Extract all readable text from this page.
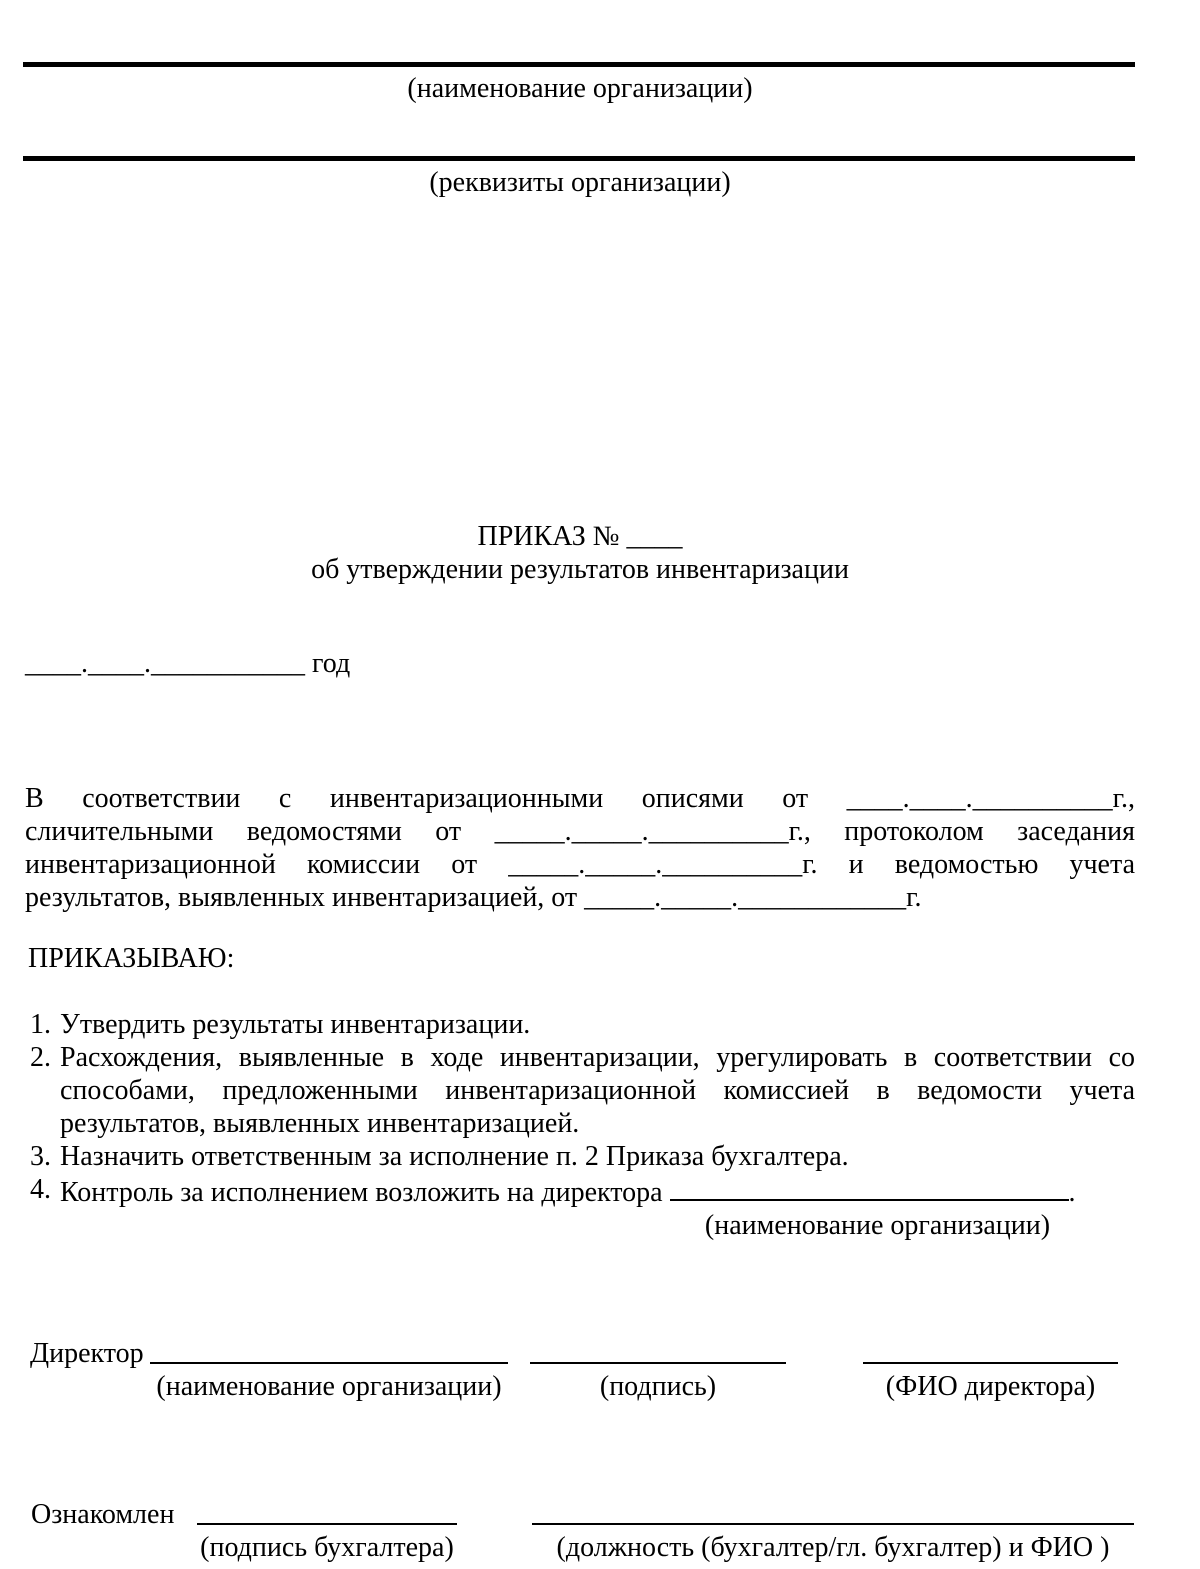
(наименование организации)
(реквизиты организации)
ПРИКАЗ № ____
об утверждении результатов инвентаризации
____.____.___________ год
В соответствии с инвентаризационными описями от ____.____.__________г.,
сличительными ведомостями от _____._____.__________г., протоколом заседания
инвентаризационной комиссии от _____._____.__________г. и ведомостью учета
результатов, выявленных инвентаризацией, от _____._____.____________г.
ПРИКАЗЫВАЮ:
1. Утвердить результаты инвентаризации.
2. Расхождения, выявленные в ходе инвентаризации, урегулировать в соответствии со
способами, предложенными инвентаризационной комиссией в ведомости учета
результатов, выявленных инвентаризацией.
3. Назначить ответственным за исполнение п. 2 Приказа бухгалтера.
4. Контроль за исполнением возложить на директора	.
(наименование организации)
Директор
(наименование организации)	(подпись)	(ФИО директора)
Ознакомлен
(подпись бухгалтера)	(должность (бухгалтер/гл. бухгалтер) и ФИО )
